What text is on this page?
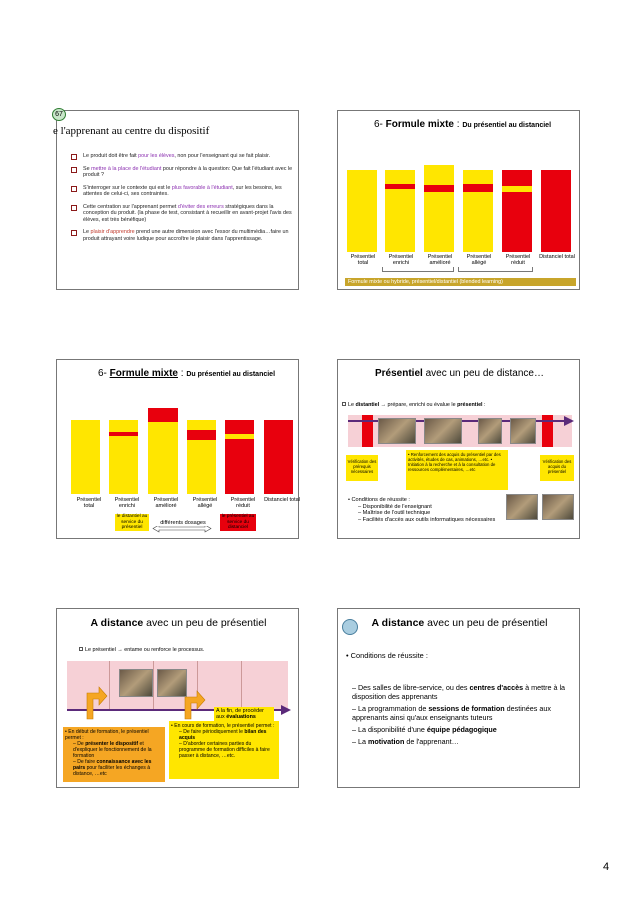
67
e l'apprenant au centre du dispositif
Le produit doit être fait pour les élèves, non pour l'enseignant qui se fait plaisir.
Se mettre à la place de l'étudiant pour répondre à la question: Que fait l'étudiant avec le produit ?
S'interroger sur le contexte qui est le plus favorable à l'étudiant, sur les besoins, les attentes de celui-ci, ses contraintes.
Cette centration sur l'apprenant permet d'éviter des erreurs stratégiques dans la conception du produit. (la phase de test, consistant à recueillir en avant-projet l'avis des élèves, est très bénéfique)
Le plaisir d'apprendre prend une autre dimension avec l'essor du multimédia…faire un produit attrayant voire ludique pour accroître le plaisir dans l'apprentissage.
6- Formule mixte : Du présentiel au distanciel
Présentiel total
Présentiel enrichi
Présentiel amélioré
Présentiel allégé
Présentiel réduit
Distanciel total
Formule mixte ou hybride, présentiel/distantiel (blended learning)
6- Formule mixte : Du présentiel au distanciel
Présentiel total
Présentiel enrichi
Présentiel amélioré
Présentiel allégé
Présentiel réduit
Distanciel total
le distantiel au service du présentiel
différents dosages
le présentiel au service du distanciel
Présentiel avec un peu de distance…
Le distantiel → prépare, enrichi ou évalue le présentiel :
Vérification des prérequis nécessaires
• Renforcement des acquis du présentiel par des activités, études de cas, animations, …etc. • Initiation à la recherche et à la consultation de ressources complémentaires, …etc
Vérification des acquis du présentiel
• Conditions de réussite :
– Disponibilité de l'enseignant
– Maîtrise de l'outil technique
– Facilités d'accès aux outils informatiques nécessaires
A distance avec un peu de présentiel
Le présentiel → entame ou renforce le processus.
A la fin, de procéder aux évaluations
• En début de formation, le présentiel permet :
– De présenter le dispositif et d'expliquer le fonctionnement de la formation
– De faire connaissance avec les pairs pour faciliter les échanges à distance, …etc
• En cours de formation, le présentiel permet :
– De faire périodiquement le bilan des acquis
– D'aborder certaines parties du programme de formation difficiles à faire passer à distance, …etc.
A distance avec un peu de présentiel
• Conditions de réussite :
– Des salles de libre-service, ou des centres d'accès à mettre à la disposition des apprenants
– La programmation de sessions de formation destinées aux apprenants ainsi qu'aux enseignants tuteurs
– La disponibilité d'une équipe pédagogique
– La motivation de l'apprenant…
4
